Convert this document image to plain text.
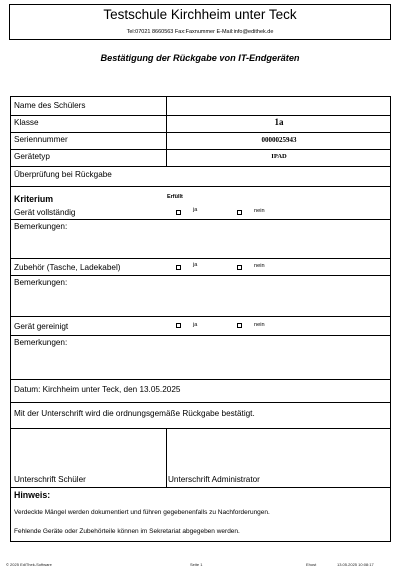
Testschule Kirchheim unter Teck
Tel:07021 8660563 Fax:Faxnummer E-Mail:info@edithek.de
Bestätigung der Rückgabe von IT-Endgeräten
Name des Schülers
Klasse	1a
Seriennummer	0000025943
Gerätetyp	IPAD
Überprüfung bei Rückgabe
Kriterium	Erfüllt
Gerät vollständig	ja	nein
Bemerkungen:
Zubehör (Tasche, Ladekabel)	ja	nein
Bemerkungen:
Gerät gereinigt	ja	nein
Bemerkungen:
Datum: Kirchheim unter Teck, den 13.05.2025
Mit der Unterschrift wird die ordnungsgemäße Rückgabe bestätigt.
Unterschrift Schüler	Unterschrift Administrator
Hinweis:
Verdeckte Mängel werden dokumentiert und führen gegebenenfalls zu Nachforderungen.
Fehlende Geräte oder Zubehörteile können im Sekretariat abgegeben werden.
© 2025 EdiThek-Software	Seite 1	Ehost	13.05.2025 10:08:17
